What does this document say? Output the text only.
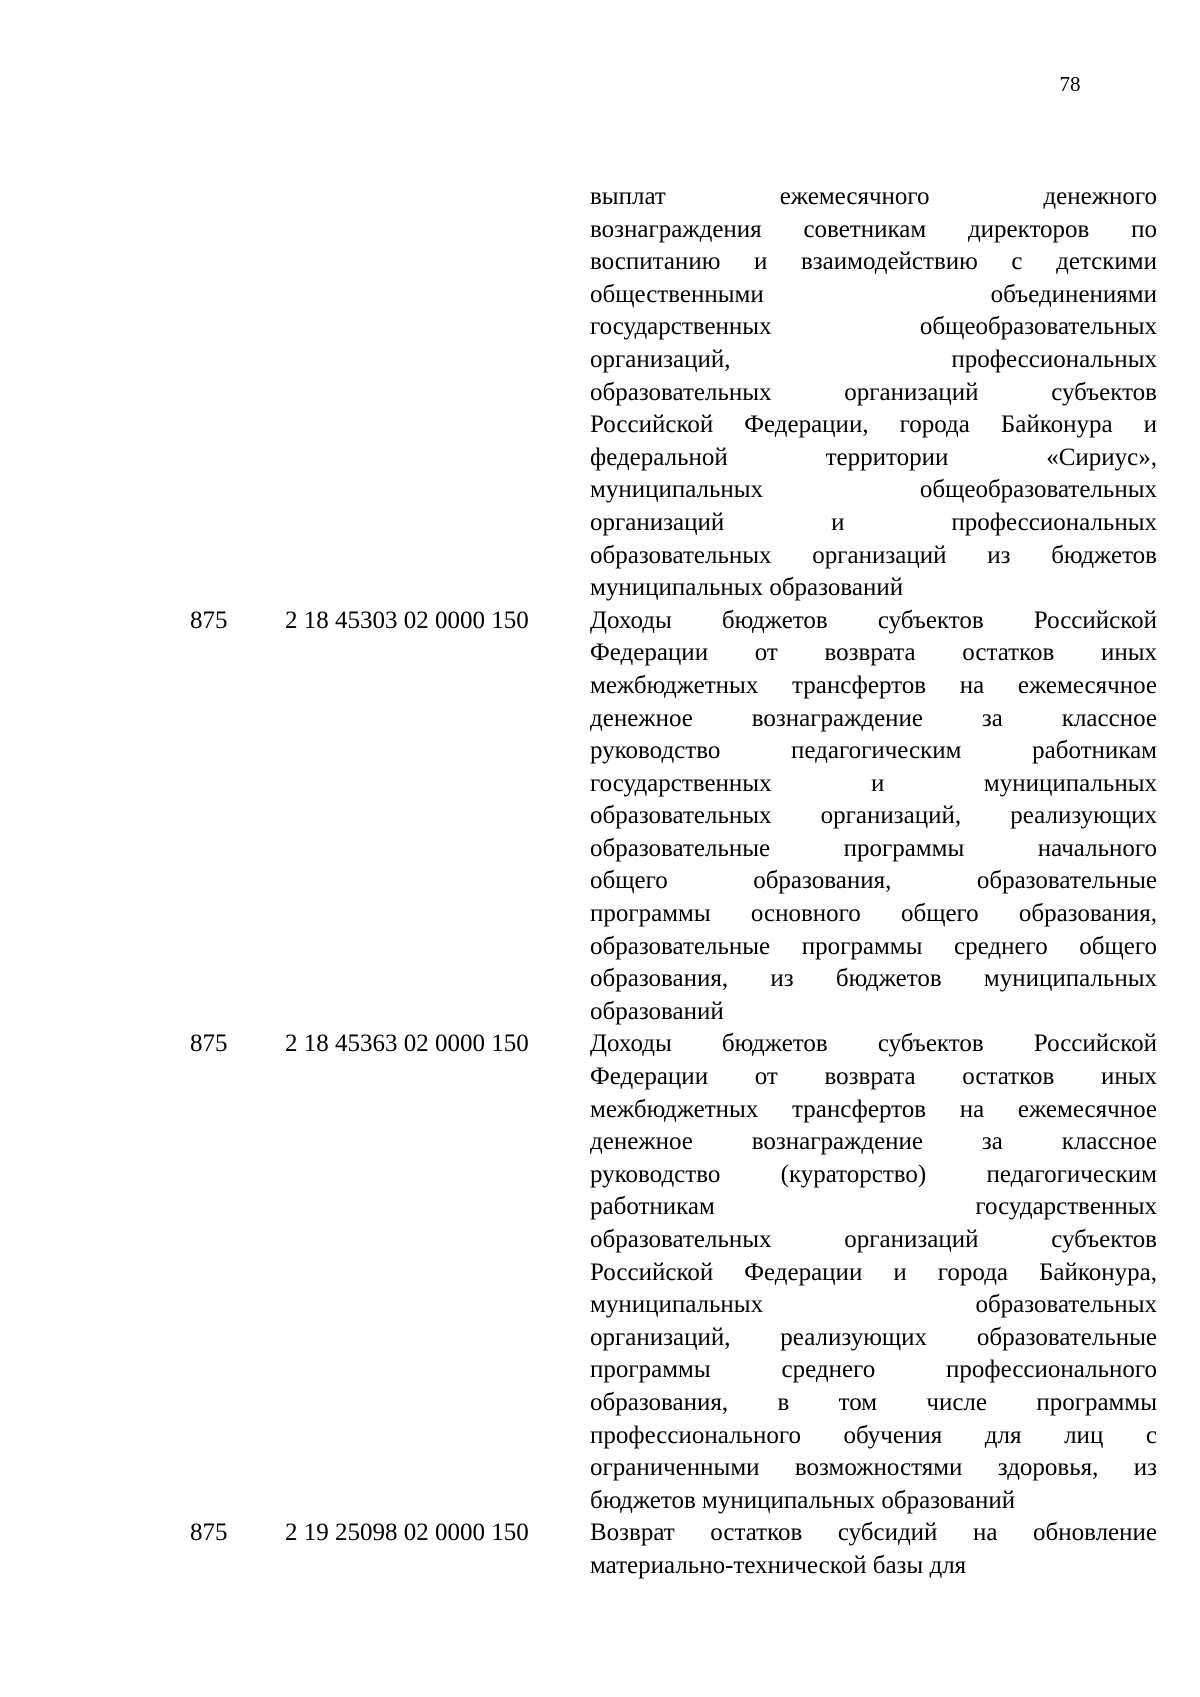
78
выплат ежемесячного денежного
вознаграждения советникам директоров по
воспитанию и взаимодействию с детскими
общественными объединениями
государственных общеобразовательных
организаций, профессиональных
образовательных организаций субъектов
Российской Федерации, города Байконура и
федеральной территории «Сириус»,
муниципальных общеобразовательных
организаций и профессиональных
образовательных организаций из бюджетов
муниципальных образований
875	2 18 45303 02 0000 150	Доходы бюджетов субъектов Российской
Федерации от возврата остатков иных
межбюджетных трансфертов на ежемесячное
денежное вознаграждение за классное
руководство педагогическим работникам
государственных и муниципальных
образовательных организаций, реализующих
образовательные программы начального
общего образования, образовательные
программы основного общего образования,
образовательные программы среднего общего
образования, из бюджетов муниципальных
образований
875	2 18 45363 02 0000 150	Доходы бюджетов субъектов Российской
Федерации от возврата остатков иных
межбюджетных трансфертов на ежемесячное
денежное вознаграждение за классное
руководство (кураторство) педагогическим
работникам государственных
образовательных организаций субъектов
Российской Федерации и города Байконура,
муниципальных образовательных
организаций, реализующих образовательные
программы среднего профессионального
образования, в том числе программы
профессионального обучения для лиц с
ограниченными возможностями здоровья, из
бюджетов муниципальных образований
875	2 19 25098 02 0000 150	Возврат остатков субсидий на обновление
материально-технической базы для
